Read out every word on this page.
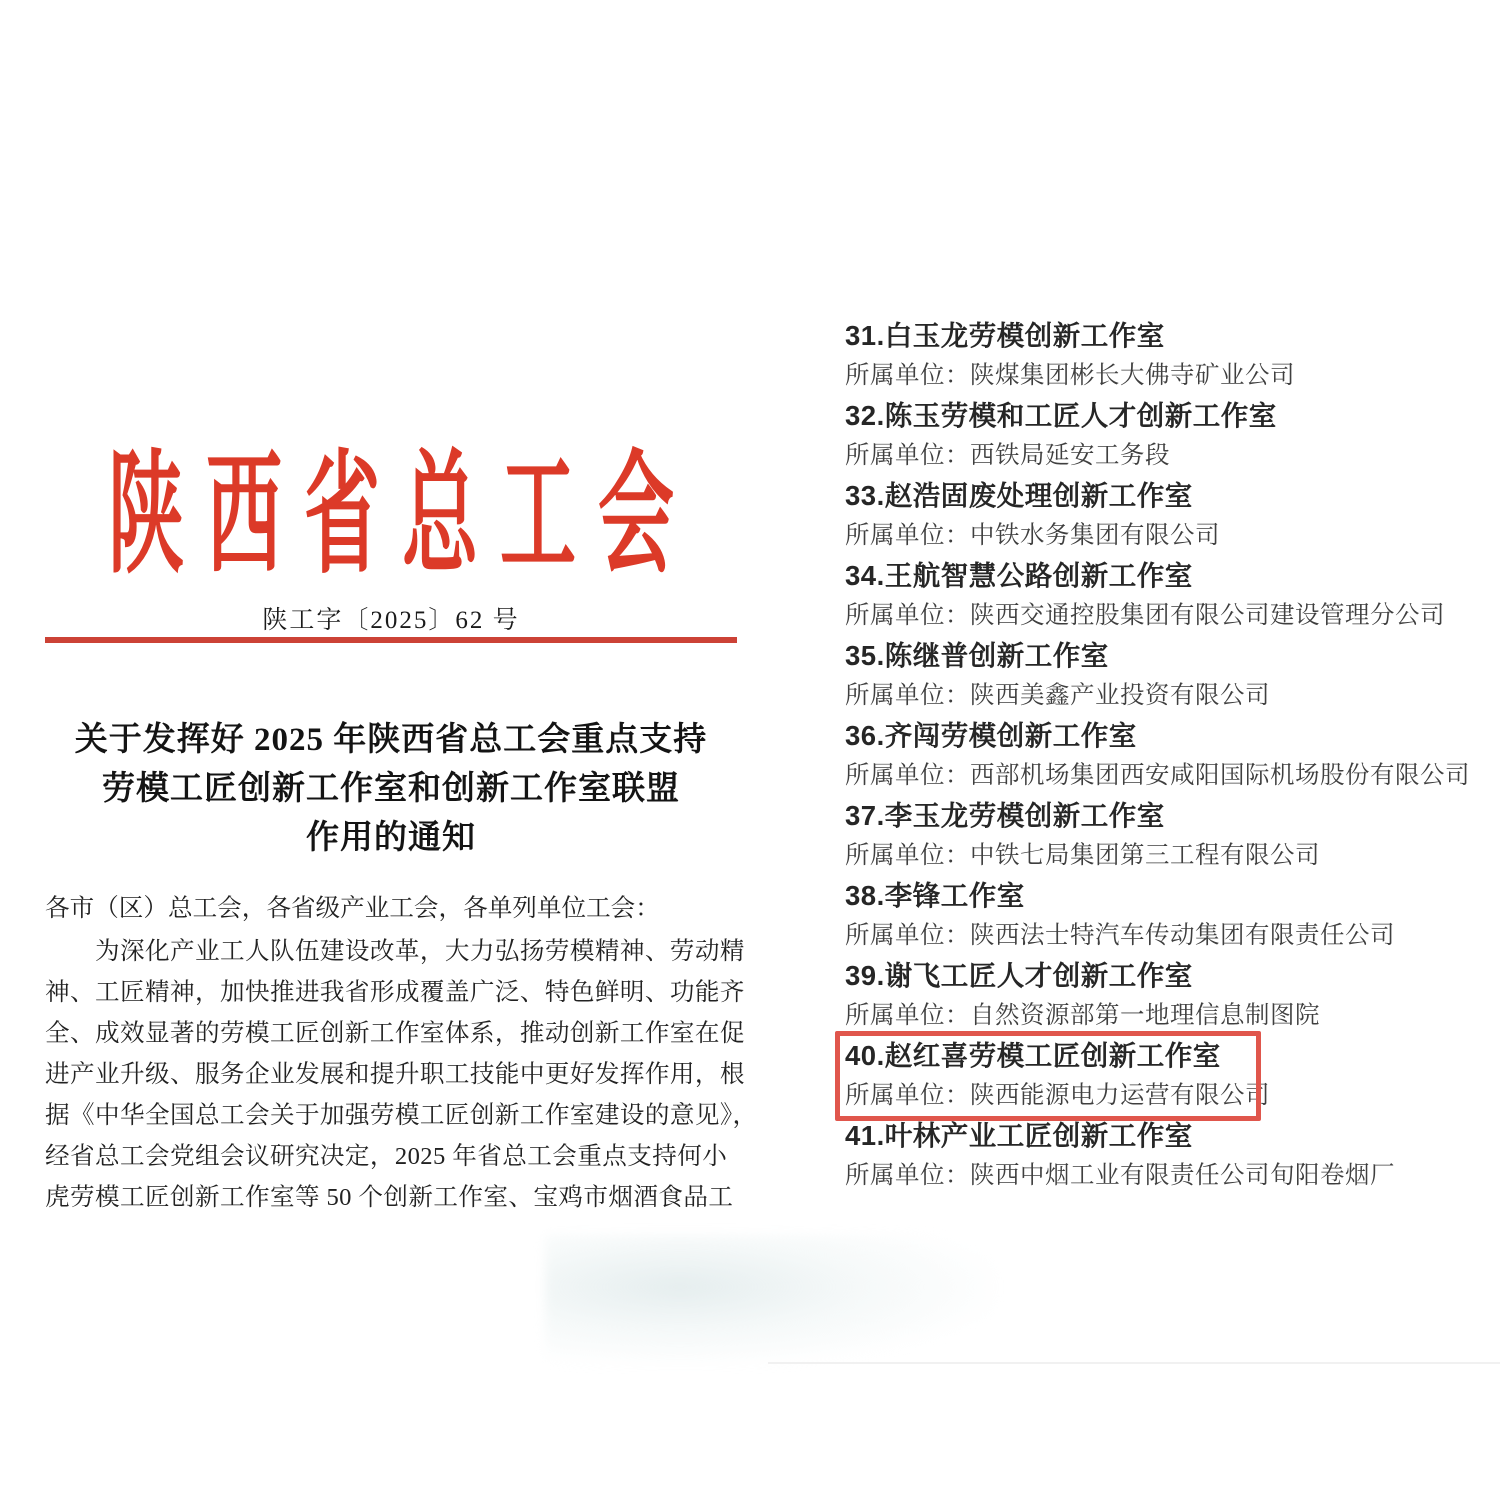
陕西省总工会
陕工字〔2025〕62 号
关于发挥好 2025 年陕西省总工会重点支持
劳模工匠创新工作室和创新工作室联盟
作用的通知
各市（区）总工会，各省级产业工会，各单列单位工会：
　　为深化产业工人队伍建设改革，大力弘扬劳模精神、劳动精
神、工匠精神，加快推进我省形成覆盖广泛、特色鲜明、功能齐
全、成效显著的劳模工匠创新工作室体系，推动创新工作室在促
进产业升级、服务企业发展和提升职工技能中更好发挥作用，根
据《中华全国总工会关于加强劳模工匠创新工作室建设的意见》，
经省总工会党组会议研究决定，2025 年省总工会重点支持何小
虎劳模工匠创新工作室等 50 个创新工作室、宝鸡市烟酒食品工
31.白玉龙劳模创新工作室
所属单位：陕煤集团彬长大佛寺矿业公司
32.陈玉劳模和工匠人才创新工作室
所属单位：西铁局延安工务段
33.赵浩固废处理创新工作室
所属单位：中铁水务集团有限公司
34.王航智慧公路创新工作室
所属单位：陕西交通控股集团有限公司建设管理分公司
35.陈继普创新工作室
所属单位：陕西美鑫产业投资有限公司
36.齐闯劳模创新工作室
所属单位：西部机场集团西安咸阳国际机场股份有限公司
37.李玉龙劳模创新工作室
所属单位：中铁七局集团第三工程有限公司
38.李锋工作室
所属单位：陕西法士特汽车传动集团有限责任公司
39.谢飞工匠人才创新工作室
所属单位：自然资源部第一地理信息制图院
40.赵红喜劳模工匠创新工作室
所属单位：陕西能源电力运营有限公司
41.叶林产业工匠创新工作室
所属单位：陕西中烟工业有限责任公司旬阳卷烟厂
